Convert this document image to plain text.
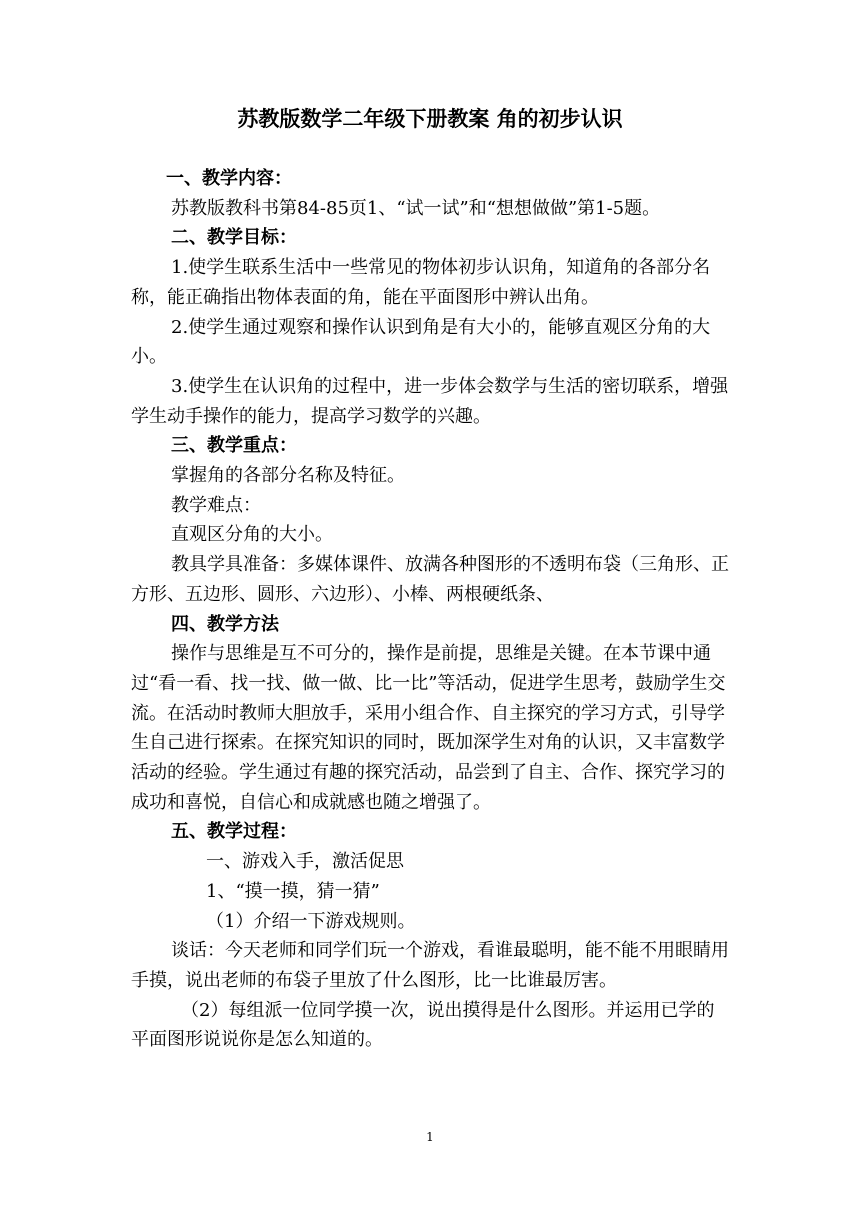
苏教版数学二年级下册教案 角的初步认识

一、教学内容：

苏教版教科书第84-85页1、“试一试”和“想想做做”第1-5题。

二、教学目标：

1.使学生联系生活中一些常见的物体初步认识角，知道角的各部分名称，能正确指出物体表面的角，能在平面图形中辨认出角。

2.使学生通过观察和操作认识到角是有大小的，能够直观区分角的大小。

3.使学生在认识角的过程中，进一步体会数学与生活的密切联系，增强学生动手操作的能力，提高学习数学的兴趣。

三、教学重点：

掌握角的各部分名称及特征。

教学难点：

直观区分角的大小。

教具学具准备：多媒体课件、放满各种图形的不透明布袋（三角形、正方形、五边形、圆形、六边形）、小棒、两根硬纸条、

四、教学方法

操作与思维是互不可分的，操作是前提，思维是关键。在本节课中通过“看一看、找一找、做一做、比一比”等活动，促进学生思考，鼓励学生交流。在活动时教师大胆放手，采用小组合作、自主探究的学习方式，引导学生自己进行探索。在探究知识的同时，既加深学生对角的认识，又丰富数学活动的经验。学生通过有趣的探究活动，品尝到了自主、合作、探究学习的成功和喜悦，自信心和成就感也随之增强了。

五、教学过程：

一、游戏入手，激活促思

1、“摸一摸，猜一猜”

（1）介绍一下游戏规则。

谈话：今天老师和同学们玩一个游戏，看谁最聪明，能不能不用眼睛用手摸，说出老师的布袋子里放了什么图形，比一比谁最厉害。

（2）每组派一位同学摸一次，说出摸得是什么图形。并运用已学的平面图形说说你是怎么知道的。

1
